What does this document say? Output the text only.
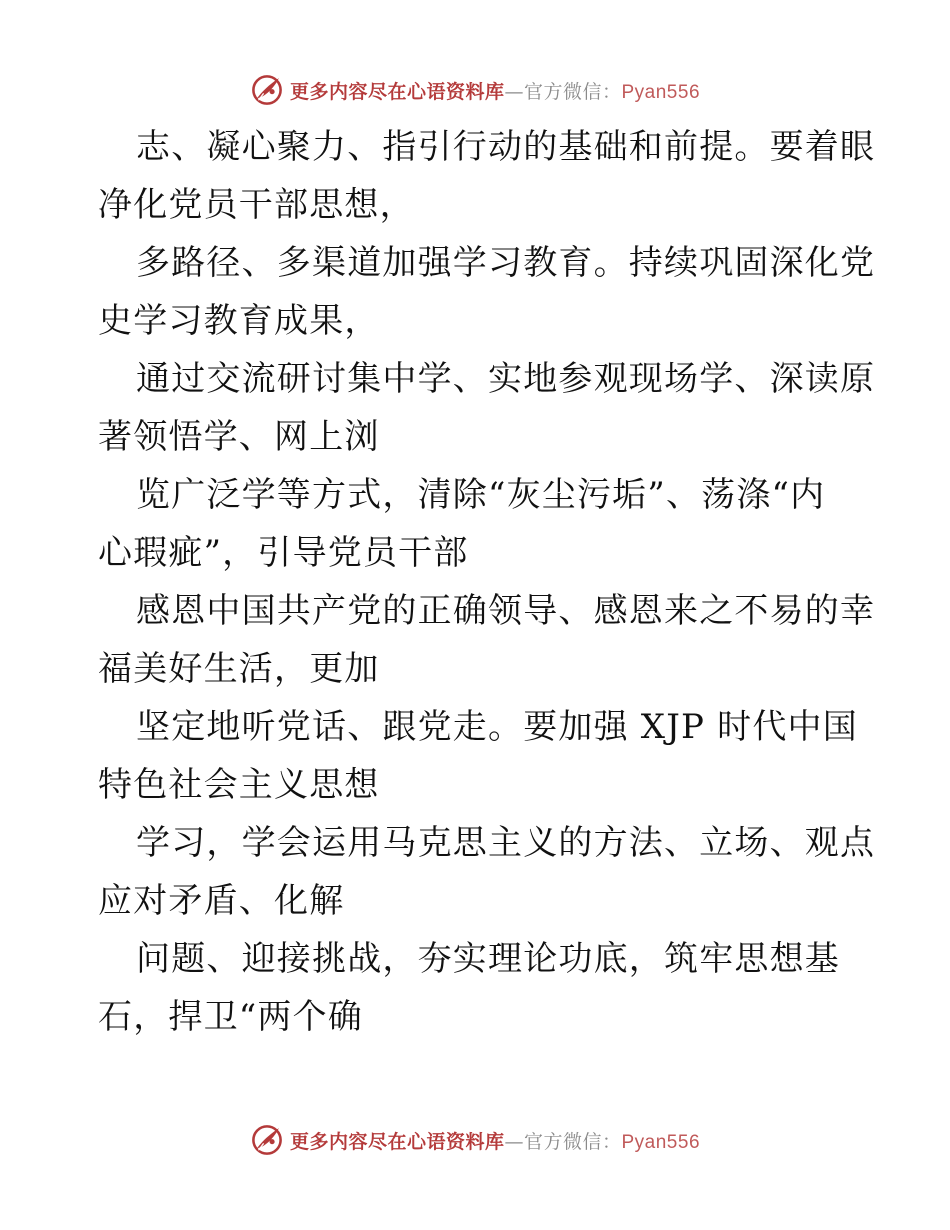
更多内容尽在心语资料库—官方微信：Pyan556
志、凝心聚力、指引行动的基础和前提。要着眼
净化党员干部思想，
多路径、多渠道加强学习教育。持续巩固深化党
史学习教育成果，
通过交流研讨集中学、实地参观现场学、深读原
著领悟学、网上浏
览广泛学等方式，清除“灰尘污垢”、荡涤“内
心瑕疵”，引导党员干部
感恩中国共产党的正确领导、感恩来之不易的幸
福美好生活，更加
坚定地听党话、跟党走。要加强 XJP 时代中国
特色社会主义思想
学习，学会运用马克思主义的方法、立场、观点
应对矛盾、化解
问题、迎接挑战，夯实理论功底，筑牢思想基
石，捍卫“两个确
更多内容尽在心语资料库—官方微信：Pyan556
